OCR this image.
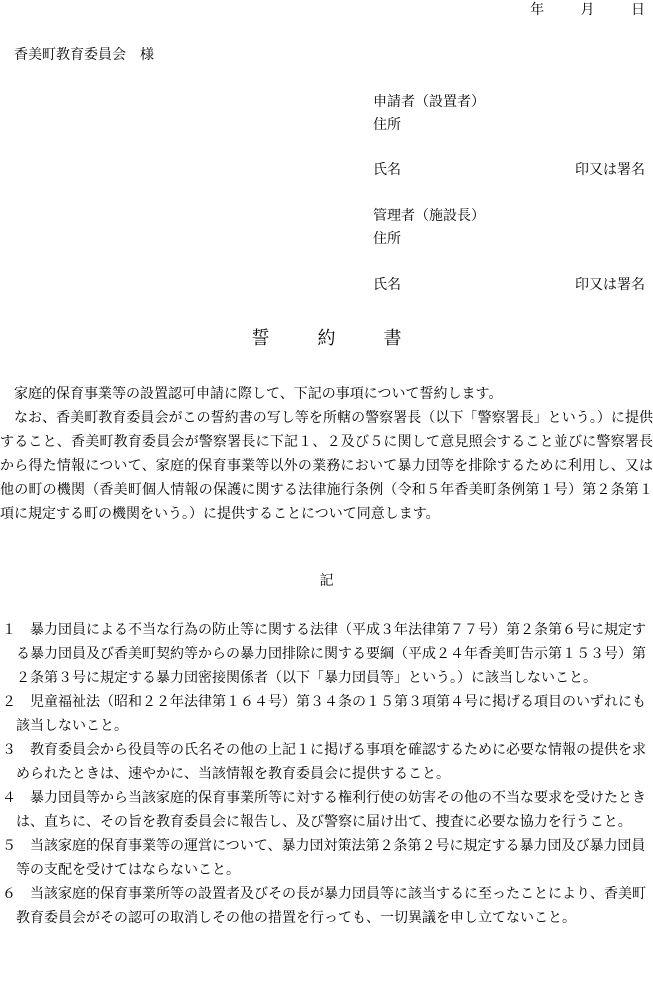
年	月	日
香美町教育委員会　様
申請者（設置者）
住所
氏名	印又は署名
管理者（施設長）
住所
氏名	印又は署名
誓	約	書

家庭的保育事業等の設置認可申請に際して、下記の事項について誓約します。

なお、香美町教育委員会がこの誓約書の写し等を所轄の警察署長（以下「警察署長」という。）に提供すること、香美町教育委員会が警察署長に下記１、２及び５に関して意見照会すること並びに警察署長から得た情報について、家庭的保育事業等以外の業務において暴力団等を排除するために利用し、又は他の町の機関（香美町個人情報の保護に関する法律施行条例（令和５年香美町条例第１号）第２条第１項に規定する町の機関をいう。）に提供することについて同意します。

記
１	暴力団員による不当な行為の防止等に関する法律（平成３年法律第７７号）第２条第６号に規定する暴力団員及び香美町契約等からの暴力団排除に関する要綱（平成２４年香美町告示第１５３号）第２条第３号に規定する暴力団密接関係者（以下「暴力団員等」という。）に該当しないこと。
２	児童福祉法（昭和２２年法律第１６４号）第３４条の１５第３項第４号に掲げる項目のいずれにも該当しないこと。
３	教育委員会から役員等の氏名その他の上記１に掲げる事項を確認するために必要な情報の提供を求められたときは、速やかに、当該情報を教育委員会に提供すること。
４	暴力団員等から当該家庭的保育事業所等に対する権利行使の妨害その他の不当な要求を受けたときは、直ちに、その旨を教育委員会に報告し、及び警察に届け出て、捜査に必要な協力を行うこと。
５	当該家庭的保育事業等の運営について、暴力団対策法第２条第２号に規定する暴力団及び暴力団員等の支配を受けてはならないこと。
６	当該家庭的保育事業所等の設置者及びその長が暴力団員等に該当するに至ったことにより、香美町教育委員会がその認可の取消しその他の措置を行っても、一切異議を申し立てないこと。
